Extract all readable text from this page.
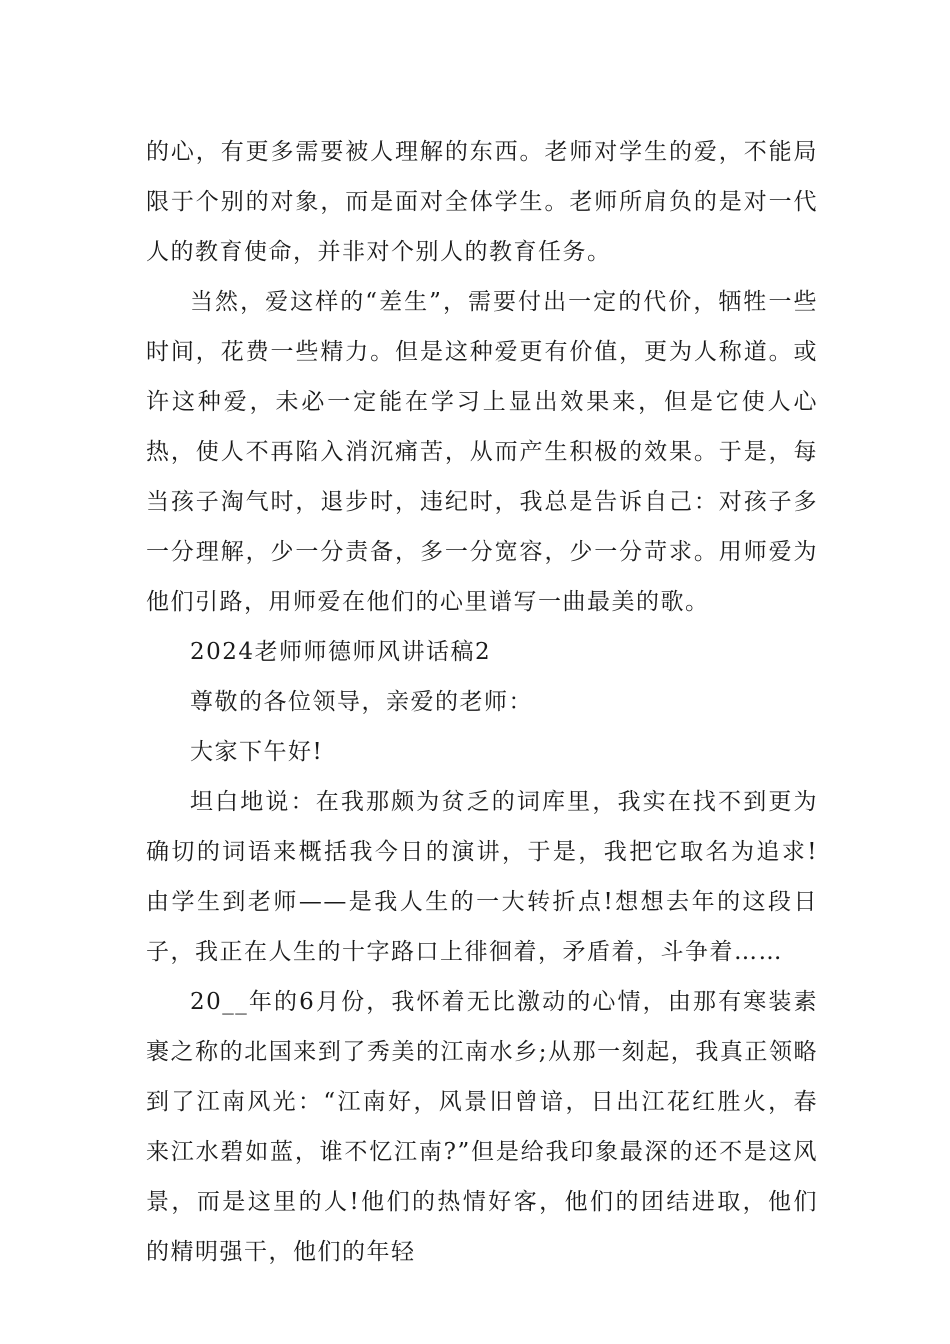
的心，有更多需要被人理解的东西。老师对学生的爱，不能局限于个别的对象，而是面对全体学生。老师所肩负的是对一代人的教育使命，并非对个别人的教育任务。

当然，爱这样的“差生”，需要付出一定的代价，牺牲一些时间，花费一些精力。但是这种爱更有价值，更为人称道。或许这种爱，未必一定能在学习上显出效果来，但是它使人心热，使人不再陷入消沉痛苦，从而产生积极的效果。于是，每当孩子淘气时，退步时，违纪时，我总是告诉自己：对孩子多一分理解，少一分责备，多一分宽容，少一分苛求。用师爱为他们引路，用师爱在他们的心里谱写一曲最美的歌。

2024老师师德师风讲话稿2

尊敬的各位领导，亲爱的老师：

大家下午好!

坦白地说：在我那颇为贫乏的词库里，我实在找不到更为确切的词语来概括我今日的演讲，于是，我把它取名为追求!由学生到老师——是我人生的一大转折点!想想去年的这段日子，我正在人生的十字路口上徘徊着，矛盾着，斗争着……

20__年的6月份，我怀着无比激动的心情，由那有寒装素裹之称的北国来到了秀美的江南水乡;从那一刻起，我真正领略到了江南风光：“江南好，风景旧曾谙，日出江花红胜火，春来江水碧如蓝，谁不忆江南?”但是给我印象最深的还不是这风景，而是这里的人!他们的热情好客，他们的团结进取，他们的精明强干，他们的年轻
